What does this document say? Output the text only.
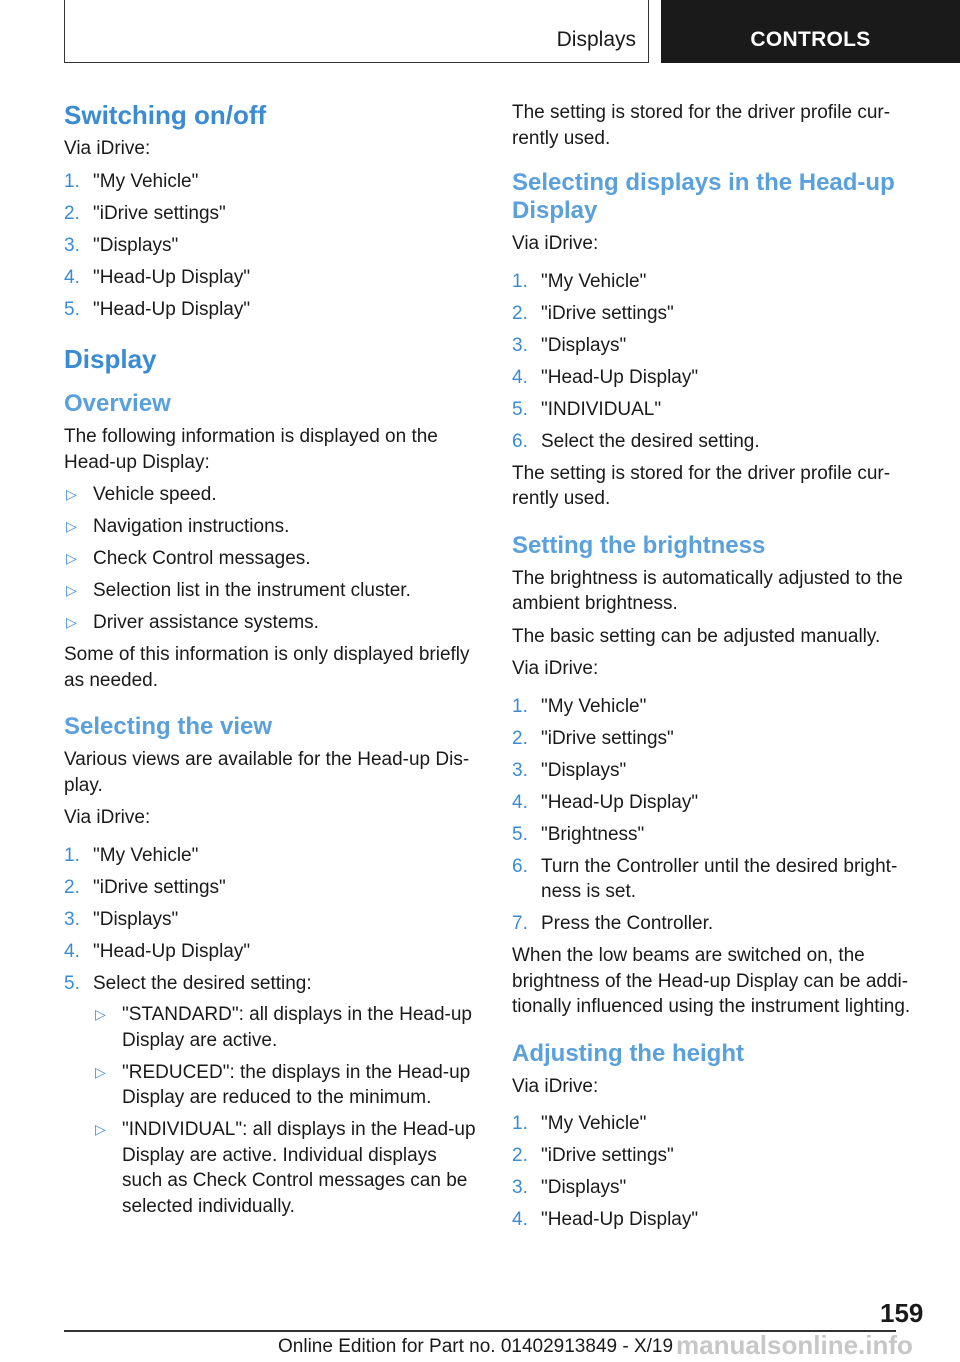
Displays	CONTROLS
Switching on/off

Via iDrive:

1. "My Vehicle"
2. "iDrive settings"
3. "Displays"
4. "Head-Up Display"
5. "Head-Up Display"
Display
Overview

The following information is displayed on the Head-up Display:

▷ Vehicle speed.
▷ Navigation instructions.
▷ Check Control messages.
▷ Selection list in the instrument cluster.
▷ Driver assistance systems.

Some of this information is only displayed briefly as needed.

Selecting the view

Various views are available for the Head-up Display.

Via iDrive:

1. "My Vehicle"
2. "iDrive settings"
3. "Displays"
4. "Head-Up Display"
5. Select the desired setting:
▷ "STANDARD": all displays in the Head-up Display are active.
▷ "REDUCED": the displays in the Head-up Display are reduced to the minimum.
▷ "INDIVIDUAL": all displays in the Head-up Display are active. Individual displays such as Check Control messages can be selected individually.

The setting is stored for the driver profile currently used.

Selecting displays in the Head-up Display

Via iDrive:

1. "My Vehicle"
2. "iDrive settings"
3. "Displays"
4. "Head-Up Display"
5. "INDIVIDUAL"
6. Select the desired setting.

The setting is stored for the driver profile currently used.

Setting the brightness

The brightness is automatically adjusted to the ambient brightness.

The basic setting can be adjusted manually.

Via iDrive:

1. "My Vehicle"
2. "iDrive settings"
3. "Displays"
4. "Head-Up Display"
5. "Brightness"
6. Turn the Controller until the desired brightness is set.
7. Press the Controller.

When the low beams are switched on, the brightness of the Head-up Display can be additionally influenced using the instrument lighting.

Adjusting the height

Via iDrive:

1. "My Vehicle"
2. "iDrive settings"
3. "Displays"
4. "Head-Up Display"
159
Online Edition for Part no. 01402913849 - X/19 manualsonline.info
